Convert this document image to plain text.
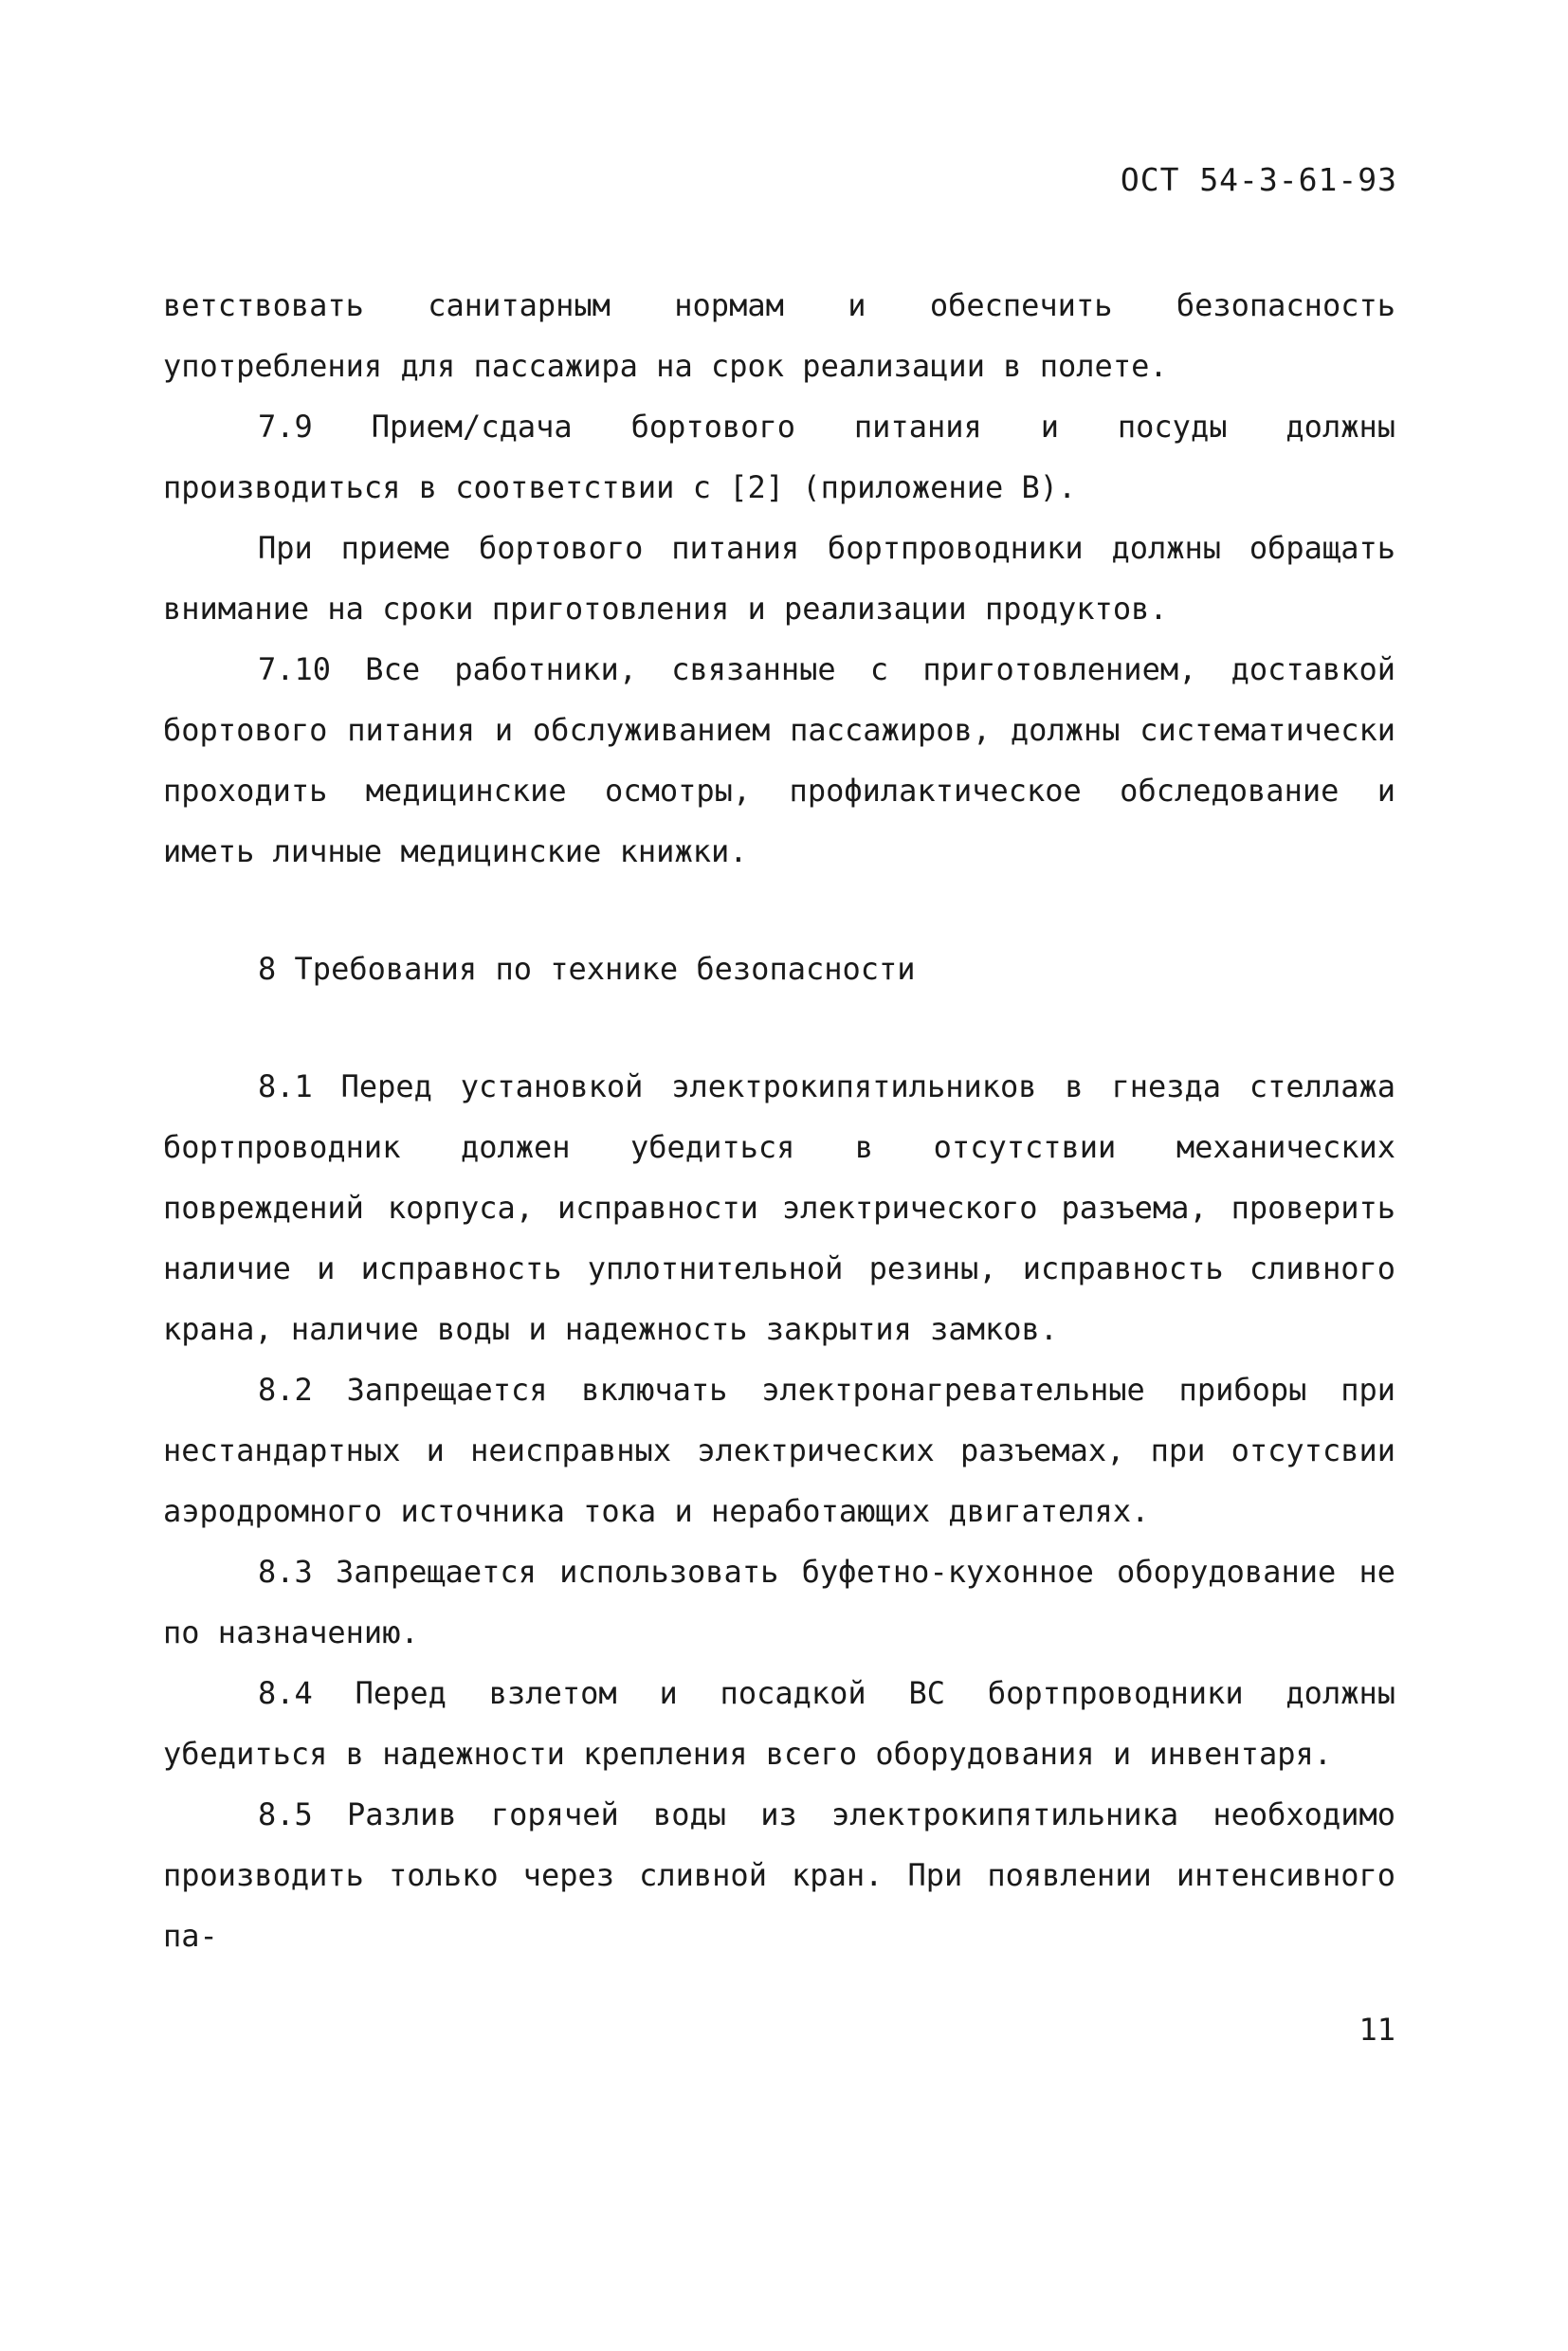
ОСТ 54-3-61-93

ветствовать санитарным нормам и обеспечить безопасность употребления для пассажира на срок реализации в полете.

7.9 Прием/сдача бортового питания и посуды должны производиться в соответствии с [2] (приложение В).

При приеме бортового питания бортпроводники должны обращать внимание на сроки приготовления и реализации продуктов.

7.10 Все работники, связанные с приготовлением, доставкой бортового питания и обслуживанием пассажиров, должны систематически проходить медицинские осмотры, профилактическое обследование и иметь личные медицинские книжки.

8 Требования по технике безопасности

8.1 Перед установкой электрокипятильников в гнезда стеллажа бортпроводник должен убедиться в отсутствии механических повреждений корпуса, исправности электрического разъема, проверить наличие и исправность уплотнительной резины, исправность сливного крана, наличие воды и надежность закрытия замков.

8.2 Запрещается включать электронагревательные приборы при нестандартных и неисправных электрических разъемах, при отсутсвии аэродромного источника тока и неработающих двигателях.

8.3 Запрещается использовать буфетно-кухонное оборудование не по назначению.

8.4 Перед взлетом и посадкой ВС бортпроводники должны убедиться в надежности крепления всего оборудования и инвентаря.

8.5 Разлив горячей воды из электрокипятильника необходимо производить только через сливной кран. При появлении интенсивного па-

11
